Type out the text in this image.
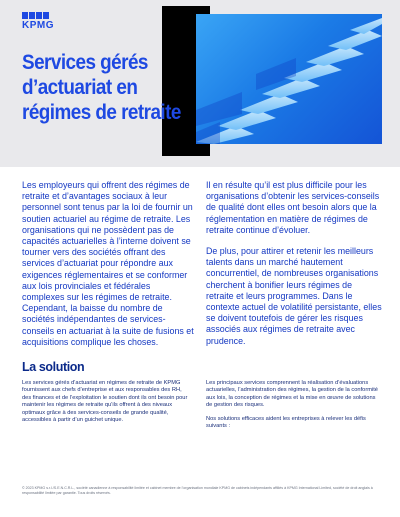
KPMG
Services gérés
d’actuariat en
régimes de retraite

Les employeurs qui offrent des régimes de retraite et d’avantages sociaux à leur personnel sont tenus par la loi de fournir un soutien actuariel au régime de retraite. Les organisations qui ne possèdent pas de capacités actuarielles à l’interne doivent se tourner vers des sociétés offrant des services d’actuariat pour répondre aux exigences réglementaires et se conformer aux lois provinciales et fédérales complexes sur les régimes de retraite. Cependant, la baisse du nombre de sociétés indépendantes de services-conseils en actuariat à la suite de fusions et acquisitions complique les choses.

Il en résulte qu’il est plus difficile pour les organisations d’obtenir les services-conseils de qualité dont elles ont besoin alors que la réglementation en matière de régimes de retraite continue d’évoluer.

De plus, pour attirer et retenir les meilleurs talents dans un marché hautement concurrentiel, de nombreuses organisations cherchent à bonifier leurs régimes de retraite et leurs programmes. Dans le contexte actuel de volatilité persistante, elles se doivent toutefois de gérer les risques associés aux régimes de retraite avec prudence.

La solution

Les services gérés d’actuariat en régimes de retraite de KPMG fournissent aux chefs d’entreprise et aux responsables des RH, des finances et de l’exploitation le soutien dont ils ont besoin pour maintenir les régimes de retraite qu’ils offrent à des niveaux optimaux grâce à des services-conseils de grande qualité, accessibles à partir d’un guichet unique.

Les principaux services comprennent la réalisation d’évaluations actuarielles, l’administration des régimes, la gestion de la conformité aux lois, la conception de régimes et la mise en œuvre de solutions de gestion des risques.

Nos solutions efficaces aident les entreprises à relever les défis suivants :

© 2023 KPMG s.r.l./S.E.N.C.R.L., société canadienne à responsabilité limitée et cabinet membre de l’organisation mondiale KPMG de cabinets indépendants affiliés à KPMG International Limited, société de droit anglais à responsabilité limitée par garantie. Tous droits réservés.
